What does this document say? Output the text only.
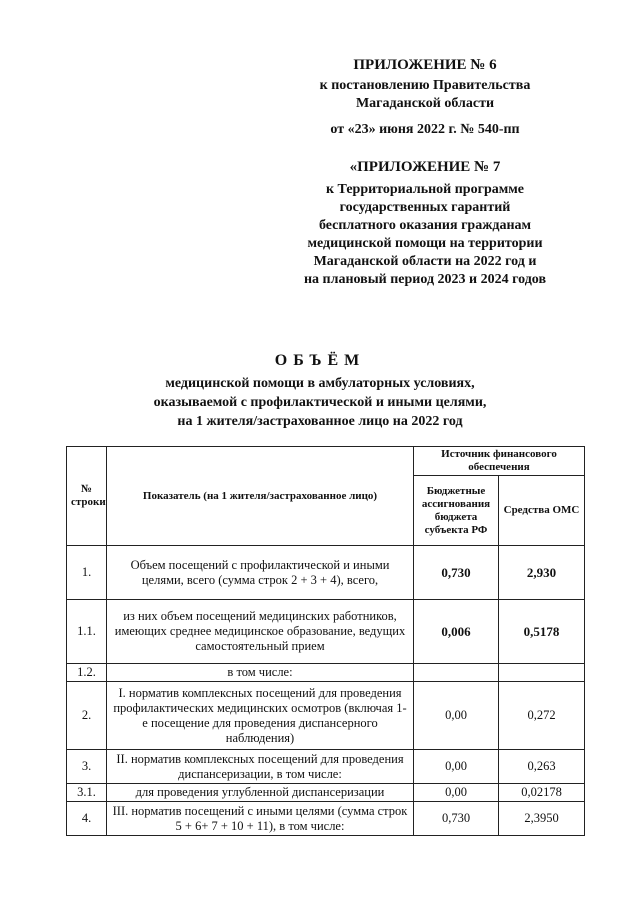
ПРИЛОЖЕНИЕ № 6
к постановлению Правительства
Магаданской области
от «23» июня 2022 г. № 540-пп
«ПРИЛОЖЕНИЕ № 7
к Территориальной программе
государственных гарантий
бесплатного оказания гражданам
медицинской помощи на территории
Магаданской области на 2022 год и
на плановый период 2023 и 2024 годов
ОБЪЁМ
медицинской помощи в амбулаторных условиях,
оказываемой с профилактической и иными целями,
на 1 жителя/застрахованное лицо на 2022 год
№ строки	Показатель (на 1 жителя/застрахованное лицо)	Источник финансового обеспечения	
		Бюджетные ассигнования бюджета субъекта РФ	Средства ОМС
1.	Объем посещений с профилактической и иными целями, всего (сумма строк 2 + 3 + 4), всего,	0,730	2,930
1.1.	из них объем посещений медицинских работников, имеющих среднее медицинское образование, ведущих самостоятельный прием	0,006	0,5178
1.2.	в том числе:		
2.	I. норматив комплексных посещений для проведения профилактических медицинских осмотров (включая 1-е посещение для проведения диспансерного наблюдения)	0,00	0,272
3.	II. норматив комплексных посещений для проведения диспансеризации, в том числе:	0,00	0,263
3.1.	для проведения углубленной диспансеризации	0,00	0,02178
4.	III. норматив посещений с иными целями (сумма строк 5 + 6+ 7 + 10 + 11), в том числе:	0,730	2,3950
